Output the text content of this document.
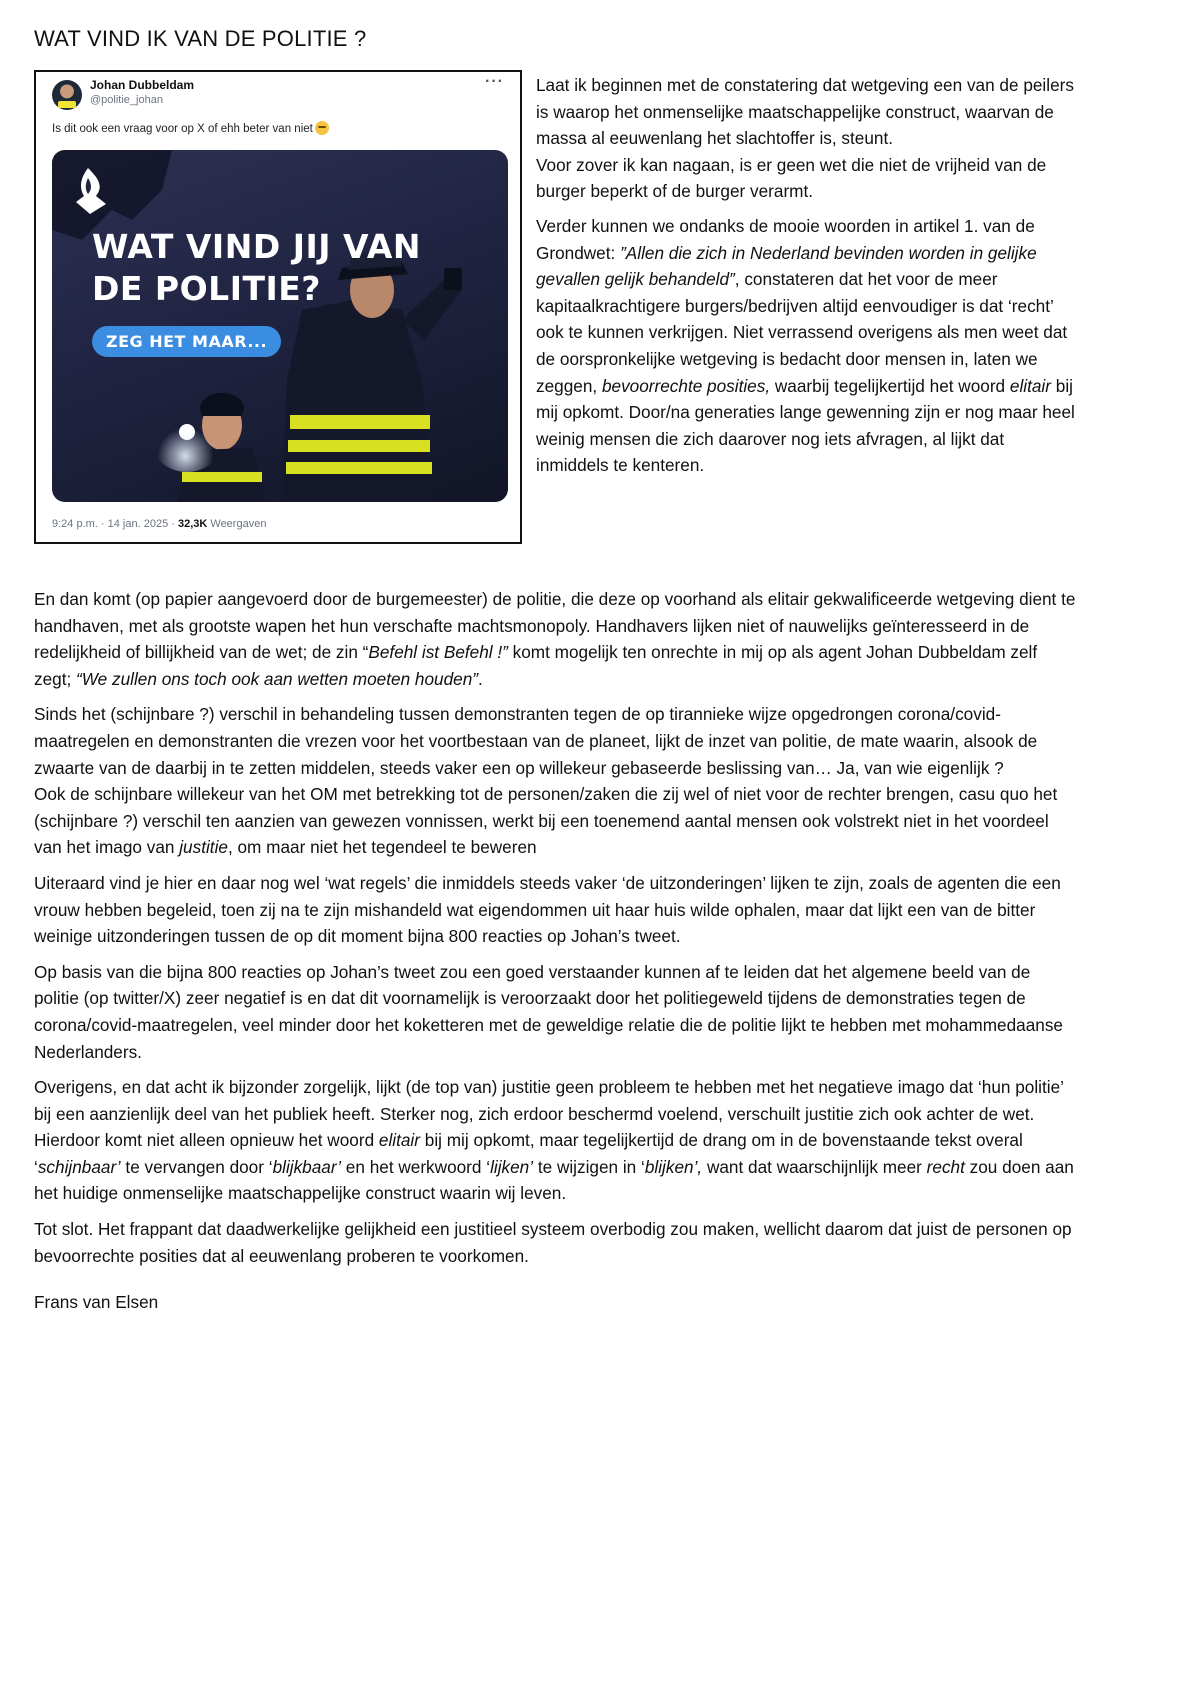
WAT VIND IK VAN DE POLITIE ?
Johan Dubbeldam
@politie_johan
···
Is dit ook een vraag voor op X of ehh beter van niet
WAT VIND JIJ VAN
DE POLITIE?
ZEG HET MAAR...
9:24 p.m. · 14 jan. 2025 · 32,3K Weergaven

Laat ik beginnen met de constatering dat wetgeving een van de peilers is waarop het onmenselijke maatschappelijke construct, waarvan de massa al eeuwenlang het slachtoffer is, steunt.
Voor zover ik kan nagaan, is er geen wet die niet de vrijheid van de burger beperkt of de burger verarmt.

Verder kunnen we ondanks de mooie woorden in artikel 1. van de Grondwet: ”Allen die zich in Nederland bevinden worden in gelijke gevallen gelijk behandeld”, constateren dat het voor de meer kapitaalkrachtigere burgers/bedrijven altijd eenvoudiger is dat ‘recht’ ook te kunnen verkrijgen. Niet verrassend overigens als men weet dat de oorspronkelijke wetgeving is bedacht door mensen in, laten we zeggen, bevoorrechte posities, waarbij tegelijkertijd het woord elitair bij mij opkomt. Door/na generaties lange gewenning zijn er nog maar heel weinig mensen die zich daarover nog iets afvragen, al lijkt dat inmiddels te kenteren.

En dan komt (op papier aangevoerd door de burgemeester) de politie, die deze op voorhand als elitair gekwalificeerde wetgeving dient te handhaven, met als grootste wapen het hun verschafte machtsmonopoly. Handhavers lijken niet of nauwelijks geïnteresseerd in de redelijkheid of billijkheid van de wet; de zin “Befehl ist Befehl !” komt mogelijk ten onrechte in mij op als agent Johan Dubbeldam zelf zegt; “We zullen ons toch ook aan wetten moeten houden”.

Sinds het (schijnbare ?) verschil in behandeling tussen demonstranten tegen de op tirannieke wijze opgedrongen corona/covid-maatregelen en demonstranten die vrezen voor het voortbestaan van de planeet, lijkt de inzet van politie, de mate waarin, alsook de zwaarte van de daarbij in te zetten middelen, steeds vaker een op willekeur gebaseerde beslissing van… Ja, van wie eigenlijk ?

Ook de schijnbare willekeur van het OM met betrekking tot de personen/zaken die zij wel of niet voor de rechter brengen, casu quo het (schijnbare ?) verschil ten aanzien van gewezen vonnissen, werkt bij een toenemend aantal mensen ook volstrekt niet in het voordeel van het imago van justitie, om maar niet het tegendeel te beweren

Uiteraard vind je hier en daar nog wel ‘wat regels’ die inmiddels steeds vaker ‘de uitzonderingen’ lijken te zijn, zoals de agenten die een vrouw hebben begeleid, toen zij na te zijn mishandeld wat eigendommen uit haar huis wilde ophalen, maar dat lijkt een van de bitter weinige uitzonderingen tussen de op dit moment bijna 800 reacties op Johan’s tweet.

Op basis van die bijna 800 reacties op Johan’s tweet zou een goed verstaander kunnen af te leiden dat het algemene beeld van de politie (op twitter/X) zeer negatief is en dat dit voornamelijk is veroorzaakt door het politiegeweld tijdens de demonstraties tegen de corona/covid-maatregelen, veel minder door het koketteren met de geweldige relatie die de politie lijkt te hebben met mohammedaanse Nederlanders.

Overigens, en dat acht ik bijzonder zorgelijk, lijkt (de top van) justitie geen probleem te hebben met het negatieve imago dat ‘hun politie’ bij een aanzienlijk deel van het publiek heeft. Sterker nog, zich erdoor beschermd voelend, verschuilt justitie zich ook achter de wet. Hierdoor komt niet alleen opnieuw het woord elitair bij mij opkomt, maar tegelijkertijd de drang om in de bovenstaande tekst overal ‘schijnbaar’ te vervangen door ‘blijkbaar’ en het werkwoord ‘lijken’ te wijzigen in ‘blijken’, want dat waarschijnlijk meer recht zou doen aan het huidige onmenselijke maatschappelijke construct waarin wij leven.

Tot slot. Het frappant dat daadwerkelijke gelijkheid een justitieel systeem overbodig zou maken, wellicht daarom dat juist de personen op bevoorrechte posities dat al eeuwenlang proberen te voorkomen.

Frans van Elsen
